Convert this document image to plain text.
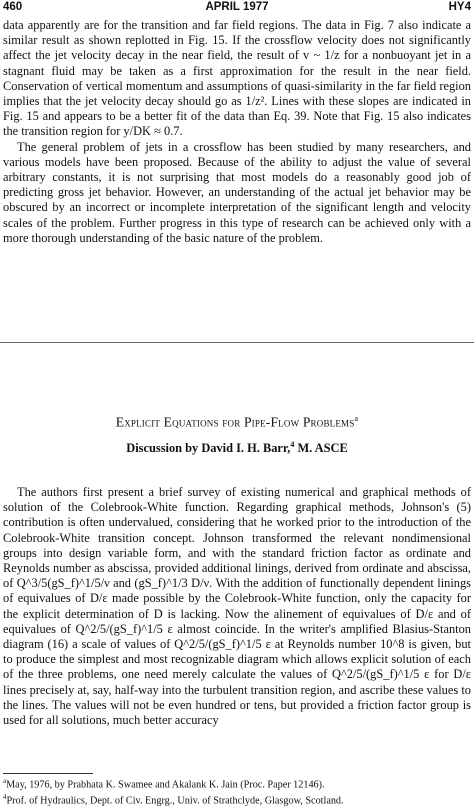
460	APRIL 1977	HY4

data apparently are for the transition and far field regions. The data in Fig. 7 also indicate a similar result as shown replotted in Fig. 15. If the crossflow velocity does not significantly affect the jet velocity decay in the near field, the result of v ~ 1/z for a nonbuoyant jet in a stagnant fluid may be taken as a first approximation for the result in the near field. Conservation of vertical momentum and assumptions of quasi-similarity in the far field region implies that the jet velocity decay should go as 1/z². Lines with these slopes are indicated in Fig. 15 and appears to be a better fit of the data than Eq. 39. Note that Fig. 15 also indicates the transition region for y/DK ≈ 0.7.

The general problem of jets in a crossflow has been studied by many researchers, and various models have been proposed. Because of the ability to adjust the value of several arbitrary constants, it is not surprising that most models do a reasonably good job of predicting gross jet behavior. However, an understanding of the actual jet behavior may be obscured by an incorrect or incomplete interpretation of the significant length and velocity scales of the problem. Further progress in this type of research can be achieved only with a more thorough understanding of the basic nature of the problem.

Explicit Equations for Pipe-Flow Problems$^a$
Discussion by David I. H. Barr,$^4$ M. ASCE

The authors first present a brief survey of existing numerical and graphical methods of solution of the Colebrook-White function. Regarding graphical methods, Johnson's (5) contribution is often undervalued, considering that he worked prior to the introduction of the Colebrook-White transition concept. Johnson transformed the relevant nondimensional groups into design variable form, and with the standard friction factor as ordinate and Reynolds number as abscissa, provided additional linings, derived from ordinate and abscissa, of Q^3/5(gS_f)^1/5/ν and (gS_f)^1/3 D/ν. With the addition of functionally dependent linings of equivalues of D/ε made possible by the Colebrook-White function, only the capacity for the explicit determination of D is lacking. Now the alinement of equivalues of D/ε and of equivalues of Q^2/5/(gS_f)^1/5 ε almost coincide. In the writer's amplified Blasius-Stanton diagram (16) a scale of values of Q^2/5/(gS_f)^1/5 ε at Reynolds number 10^8 is given, but to produce the simplest and most recognizable diagram which allows explicit solution of each of the three problems, one need merely calculate the values of Q^2/5/(gS_f)^1/5 ε for D/ε lines precisely at, say, half-way into the turbulent transition region, and ascribe these values to the lines. The values will not be even hundred or tens, but provided a friction factor group is used for all solutions, much better accuracy

$^a$May, 1976, by Prabhata K. Swamee and Akalank K. Jain (Proc. Paper 12146).

$^4$Prof. of Hydraulics, Dept. of Civ. Engrg., Univ. of Strathclyde, Glasgow, Scotland.
